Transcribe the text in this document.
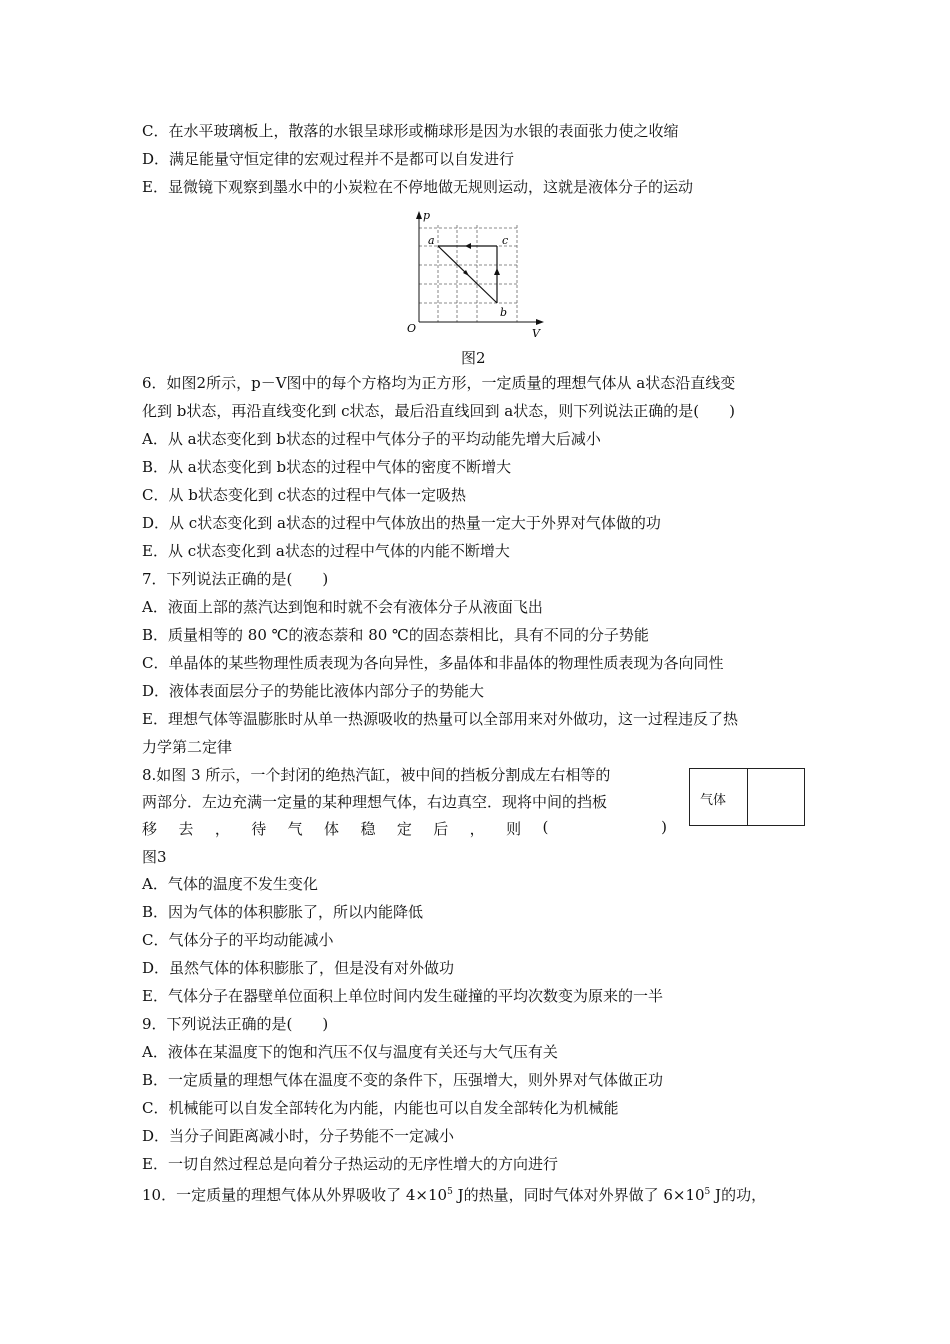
C．在水平玻璃板上，散落的水银呈球形或椭球形是因为水银的表面张力使之收缩
D．满足能量守恒定律的宏观过程并不是都可以自发进行
E．显微镜下观察到墨水中的小炭粒在不停地做无规则运动，这就是液体分子的运动
p
V
O
a
b
c
图2
6．如图2所示，p－V图中的每个方格均为正方形，一定质量的理想气体从 a状态沿直线变
化到 b状态，再沿直线变化到 c状态，最后沿直线回到 a状态，则下列说法正确的是(　　)
A．从 a状态变化到 b状态的过程中气体分子的平均动能先增大后减小
B．从 a状态变化到 b状态的过程中气体的密度不断增大
C．从 b状态变化到 c状态的过程中气体一定吸热
D．从 c状态变化到 a状态的过程中气体放出的热量一定大于外界对气体做的功
E．从 c状态变化到 a状态的过程中气体的内能不断增大
7．下列说法正确的是(　　)
A．液面上部的蒸汽达到饱和时就不会有液体分子从液面飞出
B．质量相等的 80 ℃的液态萘和 80 ℃的固态萘相比，具有不同的分子势能
C．单晶体的某些物理性质表现为各向异性，多晶体和非晶体的物理性质表现为各向同性
D．液体表面层分子的势能比液体内部分子的势能大
E．理想气体等温膨胀时从单一热源吸收的热量可以全部用来对外做功，这一过程违反了热
力学第二定律
8.如图 3 所示，一个封闭的绝热汽缸，被中间的挡板分割成左右相等的
两部分．左边充满一定量的某种理想气体，右边真空．现将中间的挡板
移 去 ， 待 气 体 稳 定 后 ， 则 (	)
气体
图3
A．气体的温度不发生变化
B．因为气体的体积膨胀了，所以内能降低
C．气体分子的平均动能减小
D．虽然气体的体积膨胀了，但是没有对外做功
E．气体分子在器壁单位面积上单位时间内发生碰撞的平均次数变为原来的一半
9．下列说法正确的是(　　)
A．液体在某温度下的饱和汽压不仅与温度有关还与大气压有关
B．一定质量的理想气体在温度不变的条件下，压强增大，则外界对气体做正功
C．机械能可以自发全部转化为内能，内能也可以自发全部转化为机械能
D．当分子间距离减小时，分子势能不一定减小
E．一切自然过程总是向着分子热运动的无序性增大的方向进行
10．一定质量的理想气体从外界吸收了 $4\times 10^5$ J的热量，同时气体对外界做了 $6\times 10^5$ J的功，
